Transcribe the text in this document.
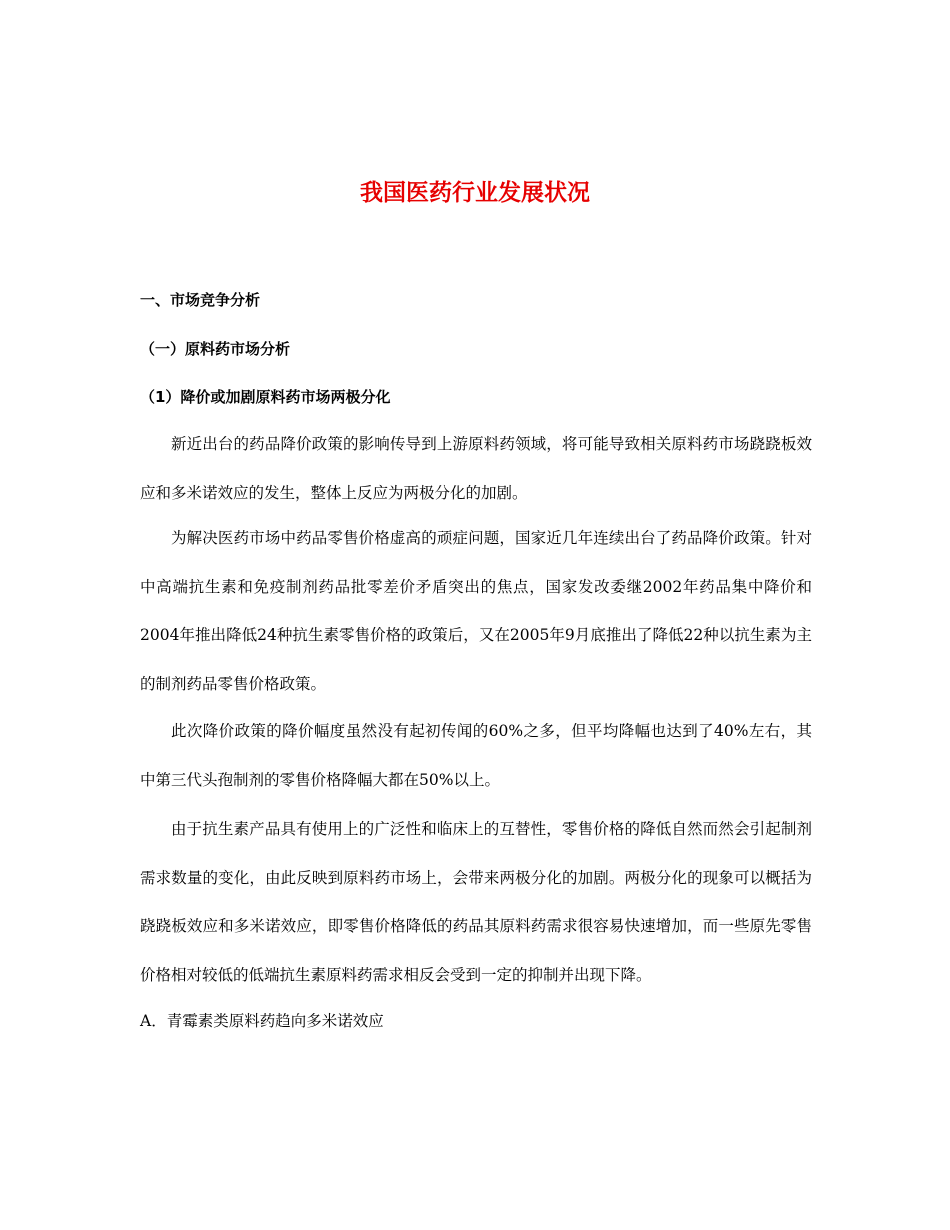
我国医药行业发展状况
一、市场竞争分析
（一）原料药市场分析
（1）降价或加剧原料药市场两极分化

新近出台的药品降价政策的影响传导到上游原料药领域，将可能导致相关原料药市场跷跷板效应和多米诺效应的发生，整体上反应为两极分化的加剧。

为解决医药市场中药品零售价格虚高的顽症问题，国家近几年连续出台了药品降价政策。针对中高端抗生素和免疫制剂药品批零差价矛盾突出的焦点，国家发改委继2002年药品集中降价和2004年推出降低24种抗生素零售价格的政策后，又在2005年9月底推出了降低22种以抗生素为主的制剂药品零售价格政策。

此次降价政策的降价幅度虽然没有起初传闻的60%之多，但平均降幅也达到了40%左右，其中第三代头孢制剂的零售价格降幅大都在50%以上。

由于抗生素产品具有使用上的广泛性和临床上的互替性，零售价格的降低自然而然会引起制剂需求数量的变化，由此反映到原料药市场上，会带来两极分化的加剧。两极分化的现象可以概括为跷跷板效应和多米诺效应，即零售价格降低的药品其原料药需求很容易快速增加，而一些原先零售价格相对较低的低端抗生素原料药需求相反会受到一定的抑制并出现下降。

A．青霉素类原料药趋向多米诺效应
